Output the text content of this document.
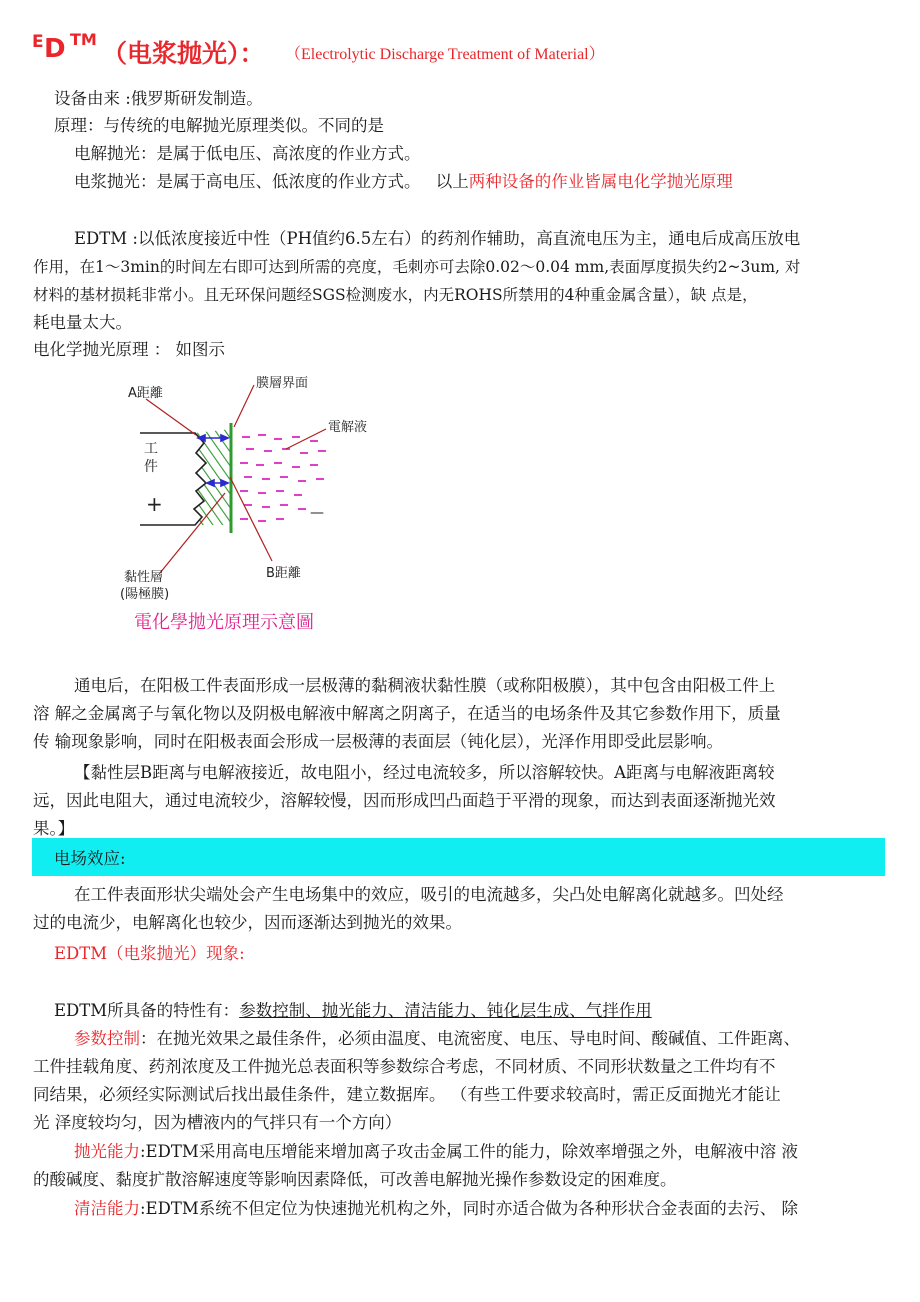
E D TM （电浆抛光）： （Electrolytic Discharge Treatment of Material）
设备由来 :俄罗斯研发制造。
原理：与传统的电解抛光原理类似。不同的是
电解抛光：是属于低电压、高浓度的作业方式。
电浆抛光：是属于高电压、低浓度的作业方式。 以上两种设备的作业皆属电化学抛光原理
EDTM :以低浓度接近中性（PH值约6.5左右）的药剂作辅助，高直流电压为主，通电后成高压放电
作用，在1〜3min的时间左右即可达到所需的亮度，毛刺亦可去除0.02〜0.04 mm,表面厚度损失约2~3um, 对
材料的基材损耗非常小。且无环保问题经SGS检测废水，内无ROHS所禁用的4种重金属含量），缺 点是，
耗电量太大。
电化学抛光原理 ： 如图示
A距離
膜層界面
電解液
工
件
+	—
B距離
黏性層
(陽極膜)
電化學拋光原理示意圖
通电后，在阳极工件表面形成一层极薄的黏稠液状黏性膜（或称阳极膜），其中包含由阳极工件上
溶 解之金属离子与氧化物以及阴极电解液中解离之阴离子，在适当的电场条件及其它参数作用下，质量
传 输现象影响，同时在阳极表面会形成一层极薄的表面层（钝化层），光泽作用即受此层影响。
【黏性层B距离与电解液接近，故电阻小，经过电流较多，所以溶解较快。A距离与电解液距离较
远，因此电阻大，通过电流较少，溶解较慢，因而形成凹凸面趋于平滑的现象，而达到表面逐渐抛光效
果。】
电场效应:
在工件表面形状尖端处会产生电场集中的效应，吸引的电流越多，尖凸处电解离化就越多。凹处经
过的电流少，电解离化也较少，因而逐渐达到抛光的效果。
EDTM（电浆抛光）现象:
EDTM所具备的特性有：参数控制、抛光能力、清洁能力、钝化层生成、气拌作用
参数控制：在抛光效果之最佳条件，必须由温度、电流密度、电压、导电时间、酸碱值、工件距离、
工件挂载角度、药剂浓度及工件抛光总表面积等参数综合考虑，不同材质、不同形状数量之工件均有不
同结果，必须经实际测试后找出最佳条件，建立数据库。 （有些工件要求较高时，需正反面抛光才能让
光 泽度较均匀，因为槽液内的气拌只有一个方向）
抛光能力:EDTM采用高电压增能来增加离子攻击金属工件的能力，除效率增强之外，电解液中溶 液
的酸碱度、黏度扩散溶解速度等影响因素降低，可改善电解抛光操作参数设定的困难度。
清洁能力:EDTM系统不但定位为快速抛光机构之外，同时亦适合做为各种形状合金表面的去污、 除
